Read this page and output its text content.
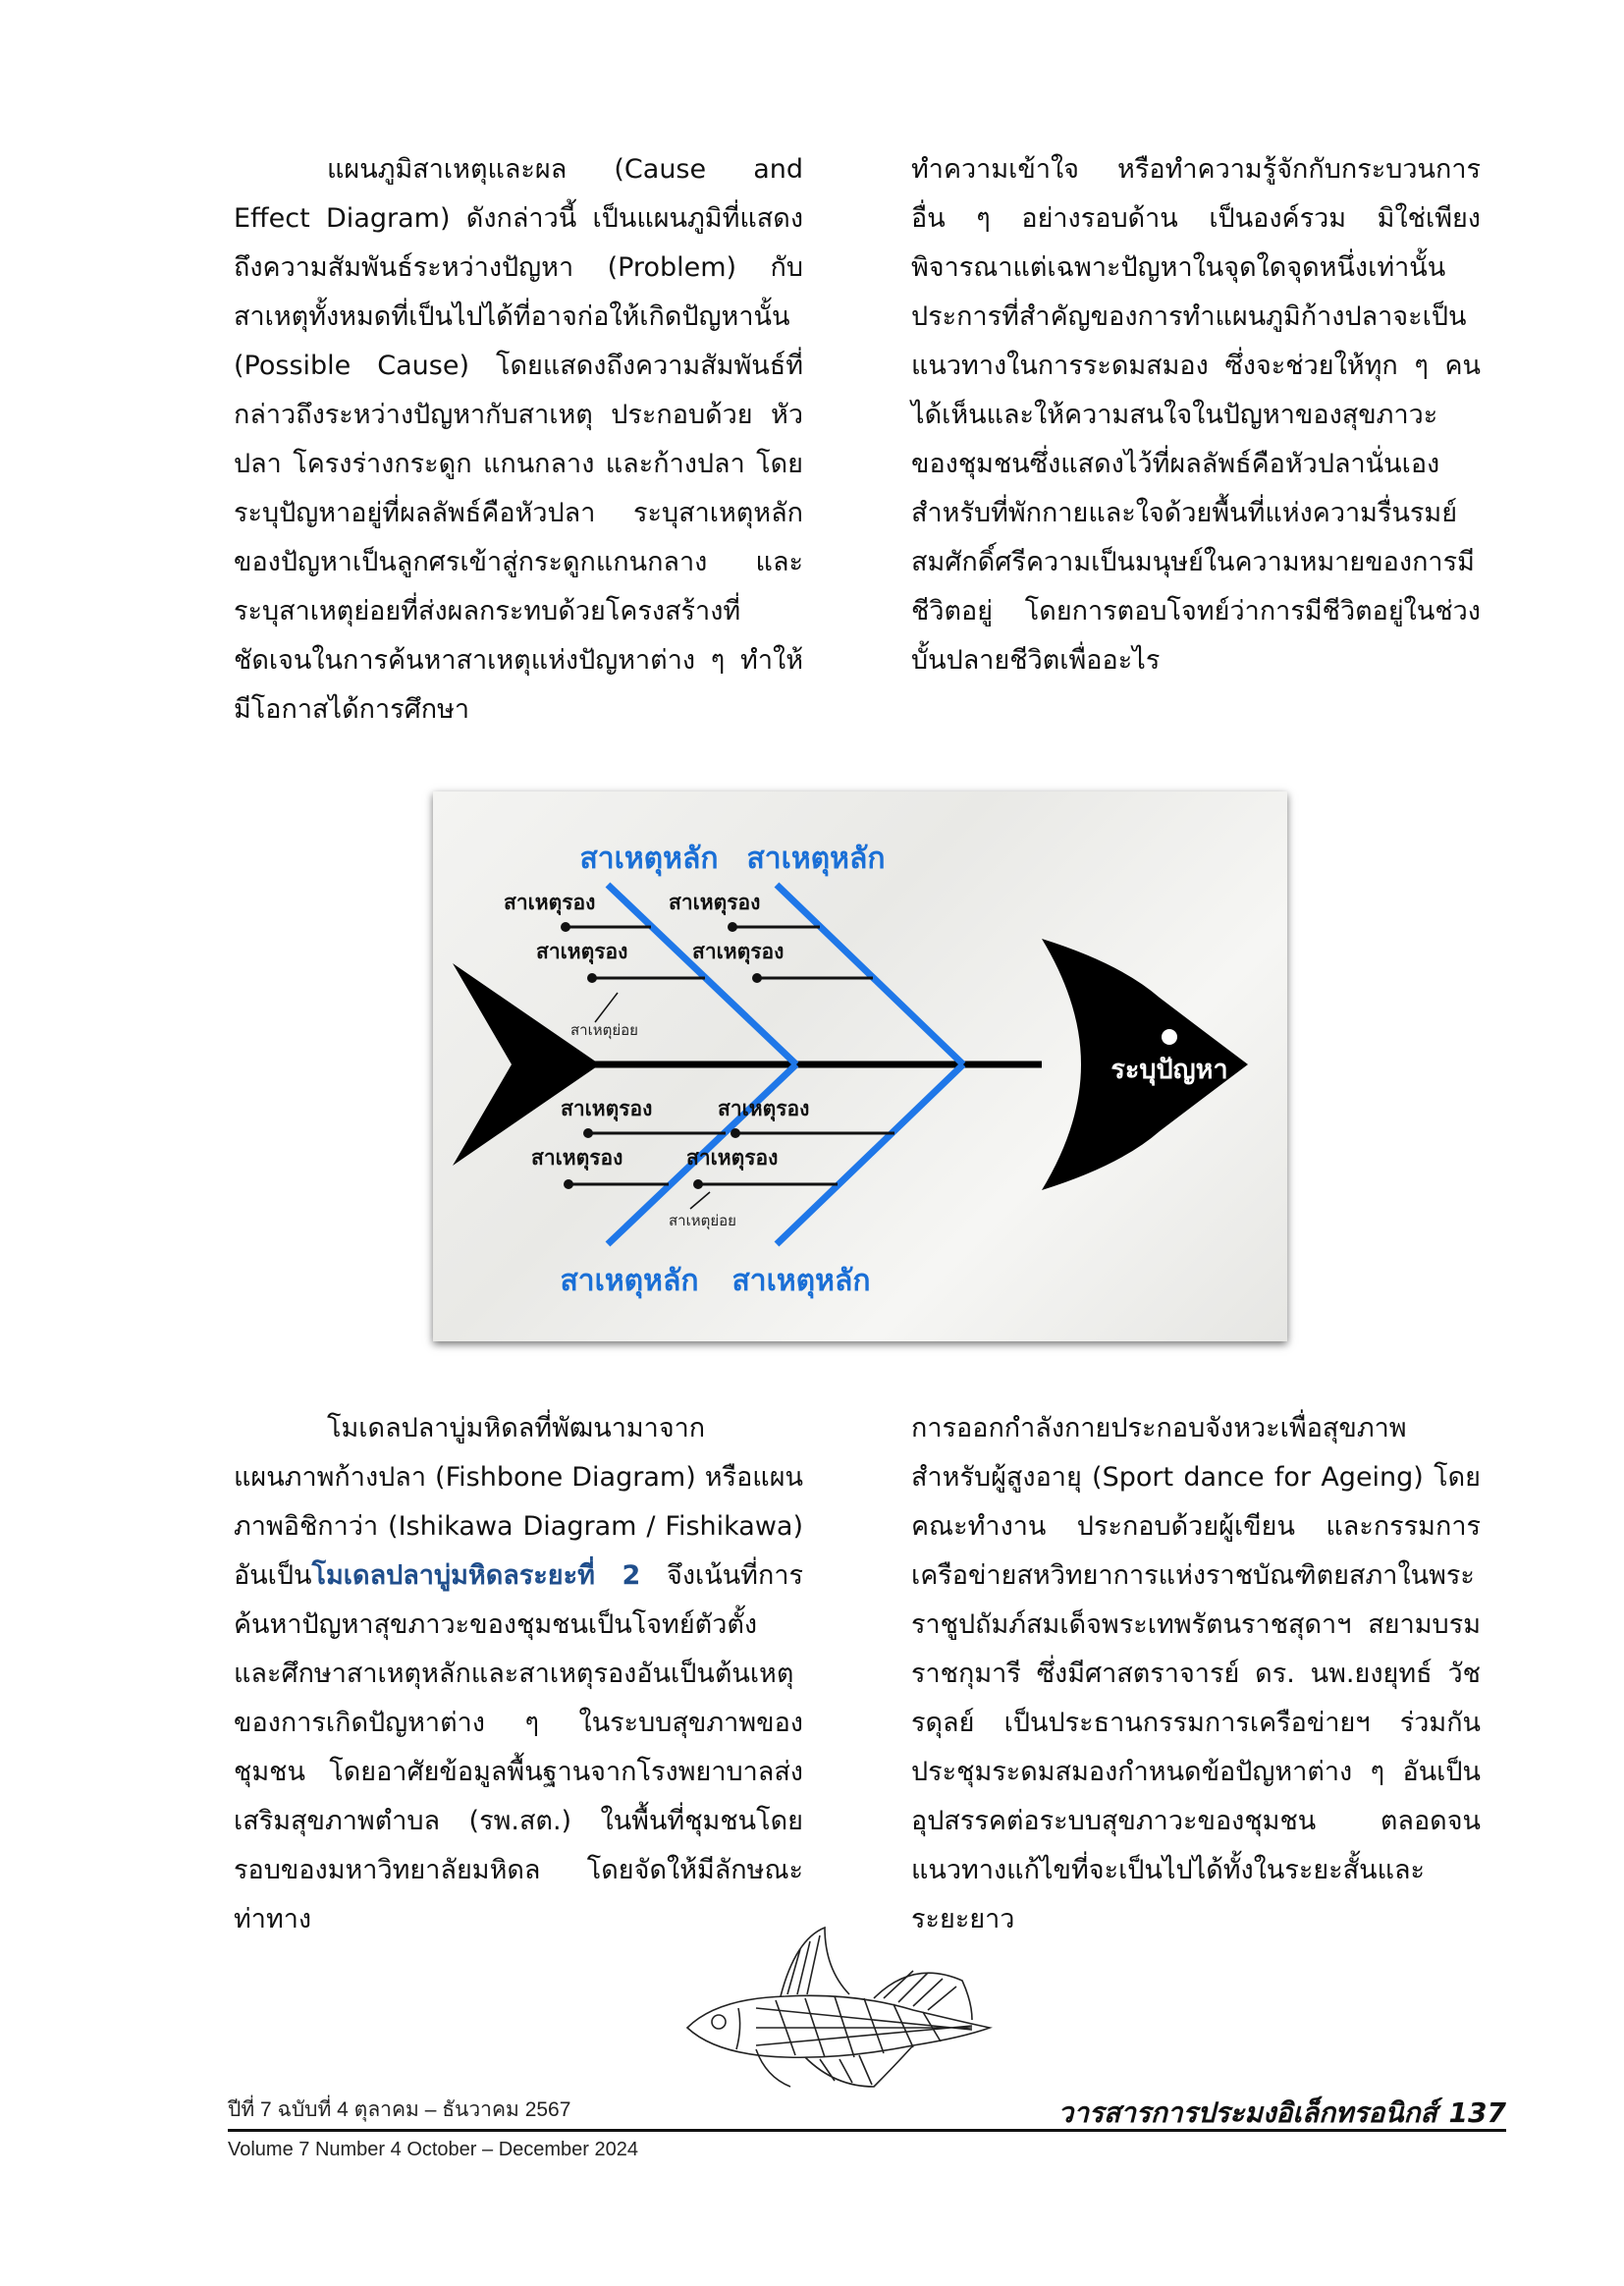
แผนภูมิสาเหตุและผล (Cause and Effect Diagram) ดังกล่าวนี้ เป็นแผนภูมิที่แสดงถึงความสัมพันธ์ระหว่างปัญหา (Problem) กับสาเหตุทั้งหมดที่เป็นไปได้ที่อาจก่อให้เกิดปัญหานั้น (Possible Cause) โดยแสดงถึงความสัมพันธ์ที่กล่าวถึงระหว่างปัญหากับสาเหตุ ประกอบด้วย หัวปลา โครงร่างกระดูก แกนกลาง และก้างปลา โดยระบุปัญหาอยู่ที่ผลลัพธ์คือหัวปลา ระบุสาเหตุหลักของปัญหาเป็นลูกศรเข้าสู่กระดูกแกนกลาง และระบุสาเหตุย่อยที่ส่งผลกระทบด้วยโครงสร้างที่ชัดเจนในการค้นหาสาเหตุแห่งปัญหาต่าง ๆ ทำให้มีโอกาสได้การศึกษา

ทำความเข้าใจ หรือทำความรู้จักกับกระบวนการอื่น ๆ อย่างรอบด้าน เป็นองค์รวม มิใช่เพียงพิจารณาแต่เฉพาะปัญหาในจุดใดจุดหนึ่งเท่านั้น ประการที่สำคัญของการทำแผนภูมิก้างปลาจะเป็นแนวทางในการระดมสมอง ซึ่งจะช่วยให้ทุก ๆ คนได้เห็นและให้ความสนใจในปัญหาของสุขภาวะของชุมชนซึ่งแสดงไว้ที่ผลลัพธ์คือหัวปลานั่นเอง สำหรับที่พักกายและใจด้วยพื้นที่แห่งความรื่นรมย์ สมศักดิ์ศรีความเป็นมนุษย์ในความหมายของการมีชีวิตอยู่ โดยการตอบโจทย์ว่าการมีชีวิตอยู่ในช่วงบั้นปลายชีวิตเพื่ออะไร

ระบุปัญหา
สาเหตุหลัก สาเหตุหลัก
สาเหตุหลัก สาเหตุหลัก
สาเหตุรอง
สาเหตุรอง
สาเหตุย่อย
สาเหตุรอง
สาเหตุรอง
สาเหตุรอง
สาเหตุรอง
สาเหตุรอง
สาเหตุรอง
สาเหตุย่อย

โมเดลปลาบู่มหิดลที่พัฒนามาจากแผนภาพก้างปลา (Fishbone Diagram) หรือแผนภาพอิชิกาว่า (Ishikawa Diagram / Fishikawa) อันเป็นโมเดลปลาบู่มหิดลระยะที่ 2 จึงเน้นที่การค้นหาปัญหาสุขภาวะของชุมชนเป็นโจทย์ตัวตั้ง และศึกษาสาเหตุหลักและสาเหตุรองอันเป็นต้นเหตุของการเกิดปัญหาต่าง ๆ ในระบบสุขภาพของชุมชน โดยอาศัยข้อมูลพื้นฐานจากโรงพยาบาลส่งเสริมสุขภาพตำบล (รพ.สต.) ในพื้นที่ชุมชนโดยรอบของมหาวิทยาลัยมหิดล โดยจัดให้มีลักษณะท่าทาง

การออกกำลังกายประกอบจังหวะเพื่อสุขภาพสำหรับผู้สูงอายุ (Sport dance for Ageing) โดยคณะทำงาน ประกอบด้วยผู้เขียน และกรรมการเครือข่ายสหวิทยาการแห่งราชบัณฑิตยสภาในพระราชูปถัมภ์สมเด็จพระเทพรัตนราชสุดาฯ สยามบรมราชกุมารี ซึ่งมีศาสตราจารย์ ดร. นพ.ยงยุทธ์ วัชรดุลย์ เป็นประธานกรรมการเครือข่ายฯ ร่วมกันประชุมระดมสมองกำหนดข้อปัญหาต่าง ๆ อันเป็นอุปสรรคต่อระบบสุขภาวะของชุมชน ตลอดจนแนวทางแก้ไขที่จะเป็นไปได้ทั้งในระยะสั้นและระยะยาว

ปีที่ 7 ฉบับที่ 4 ตุลาคม – ธันวาคม 2567
Volume 7 Number 4 October – December 2024
วารสารการประมงอิเล็กทรอนิกส์ 137
